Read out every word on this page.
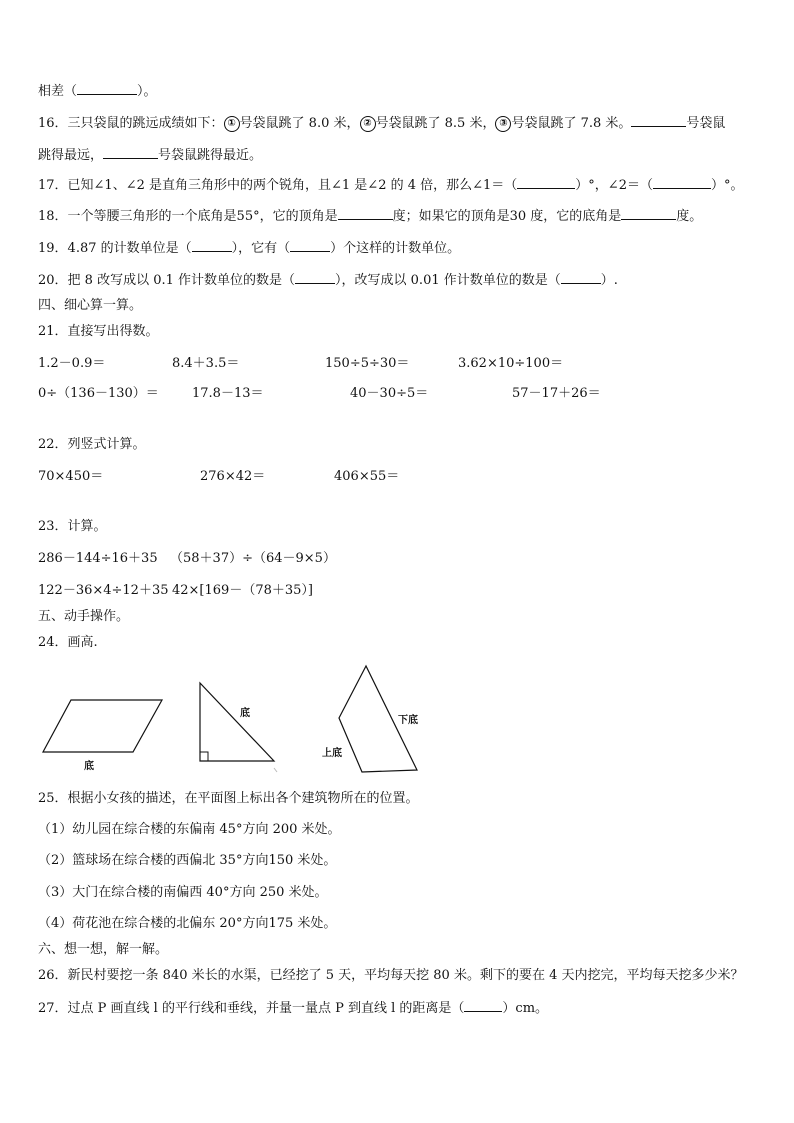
相差（	）。
16．三只袋鼠的跳远成绩如下： ① 号袋鼠跳了 8.0 米， ② 号袋鼠跳了 8.5 米， ③ 号袋鼠跳了 7.8 米。	号袋鼠
跳得最远，	号袋鼠跳得最近。
17．已知∠1、∠2 是直角三角形中的两个锐角，且∠1 是∠2 的 4 倍，那么∠1＝（	）°，∠2＝（	）°。
18．一个等腰三角形的一个底角是55°，它的顶角是	度；如果它的顶角是30 度，它的底角是	度。
19．4.87 的计数单位是（	），它有（	）个这样的计数单位。
20．把 8 改写成以 0.1 作计数单位的数是（	），改写成以 0.01 作计数单位的数是（	）.
四、细心算一算。
21．直接写出得数。
1.2－0.9＝	8.4＋3.5＝	150÷5÷30＝	3.62×10÷100＝
0÷（136－130）＝	17.8－13＝	40－30÷5＝	57－17＋26＝
22．列竖式计算。
70×450＝	276×42＝	406×55＝
23．计算。
286－144÷16＋35 （58＋37）÷（64－9×5）
122－36×4÷12＋35 42×[169－（78＋35）]
五、动手操作。
24．画高.
底
底
上底
下底
25．根据小女孩的描述，在平面图上标出各个建筑物所在的位置。
（1）幼儿园在综合楼的东偏南 45°方向 200 米处。
（2）篮球场在综合楼的西偏北 35°方向150 米处。
（3）大门在综合楼的南偏西 40°方向 250 米处。
（4）荷花池在综合楼的北偏东 20°方向175 米处。
六、想一想，解一解。
26．新民村要挖一条 840 米长的水渠，已经挖了 5 天，平均每天挖 80 米。剩下的要在 4 天内挖完，平均每天挖多少米？
27．过点 P 画直线 l 的平行线和垂线，并量一量点 P 到直线 l 的距离是（	）cm。
